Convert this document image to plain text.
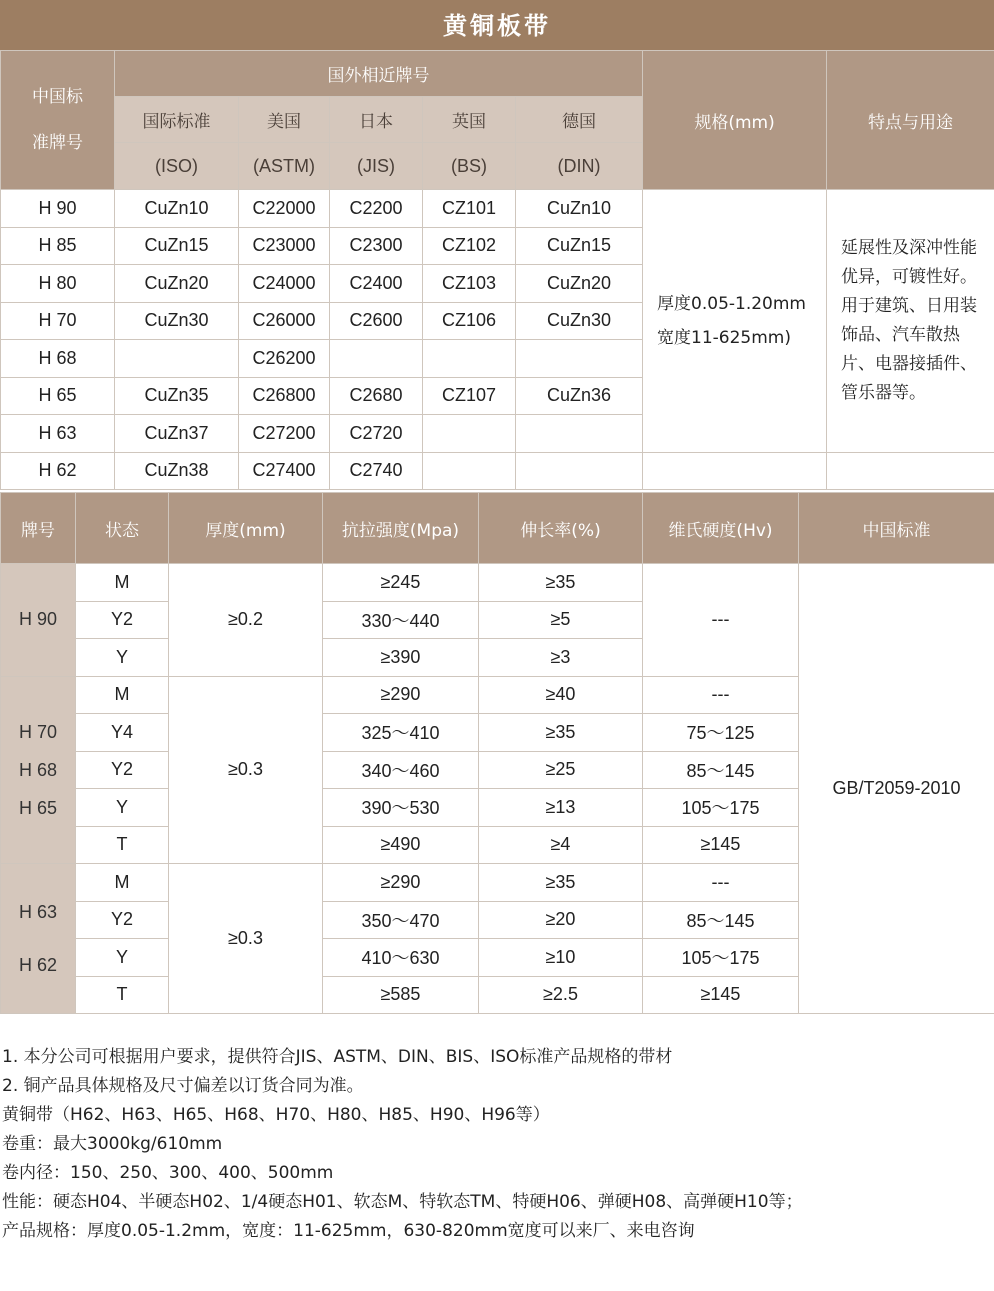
黄铜板带
中国标
准牌号	国外相近牌号					规格(mm)	特点与用途
	国际标准	美国	日本	英国	德国		
	(ISO)	(ASTM)	(JIS)	(BS)	(DIN)		
H 90	CuZn10	C22000	C2200	CZ101	CuZn10	厚度0.05-1.20mm
宽度11-625mm)	延展性及深冲性能优异，可镀性好。用于建筑、日用装饰品、汽车散热片、电器接插件、管乐器等。
H 85	CuZn15	C23000	C2300	CZ102	CuZn15		
H 80	CuZn20	C24000	C2400	CZ103	CuZn20		
H 70	CuZn30	C26000	C2600	CZ106	CuZn30		
H 68		C26200					
H 65	CuZn35	C26800	C2680	CZ107	CuZn36		
H 63	CuZn37	C27200	C2720				
H 62	CuZn38	C27400	C2740				
牌号	状态	厚度(mm)	抗拉强度(Mpa)	伸长率(%)	维氏硬度(Hv)	中国标准

H 90	M	≥0.2	≥245	≥35	---	GB/T2059-2010
	Y2		330～440	≥5		
	Y		≥390	≥3		

H 70
H 68
H 65	M	≥0.3	≥290	≥40	---	
	Y4		325～410	≥35	75～125	
	Y2		340～460	≥25	85～145	
	Y		390～530	≥13	105～175	
	T		≥490	≥4	≥145	

H 63
H 62	M	≥0.3	≥290	≥35	---	
	Y2		350～470	≥20	85～145	
	Y		410～630	≥10	105～175	
	T		≥585	≥2.5	≥145	
1. 本分公司可根据用户要求，提供符合JIS、ASTM、DIN、BIS、ISO标准产品规格的带材
2. 铜产品具体规格及尺寸偏差以订货合同为准。
黄铜带（H62、H63、H65、H68、H70、H80、H85、H90、H96等）
卷重：最大3000kg/610mm
卷内径：150、250、300、400、500mm
性能：硬态H04、半硬态H02、1/4硬态H01、软态M、特软态TM、特硬H06、弹硬H08、高弹硬H10等；
产品规格：厚度0.05-1.2mm，宽度：11-625mm，630-820mm宽度可以来厂、来电咨询
